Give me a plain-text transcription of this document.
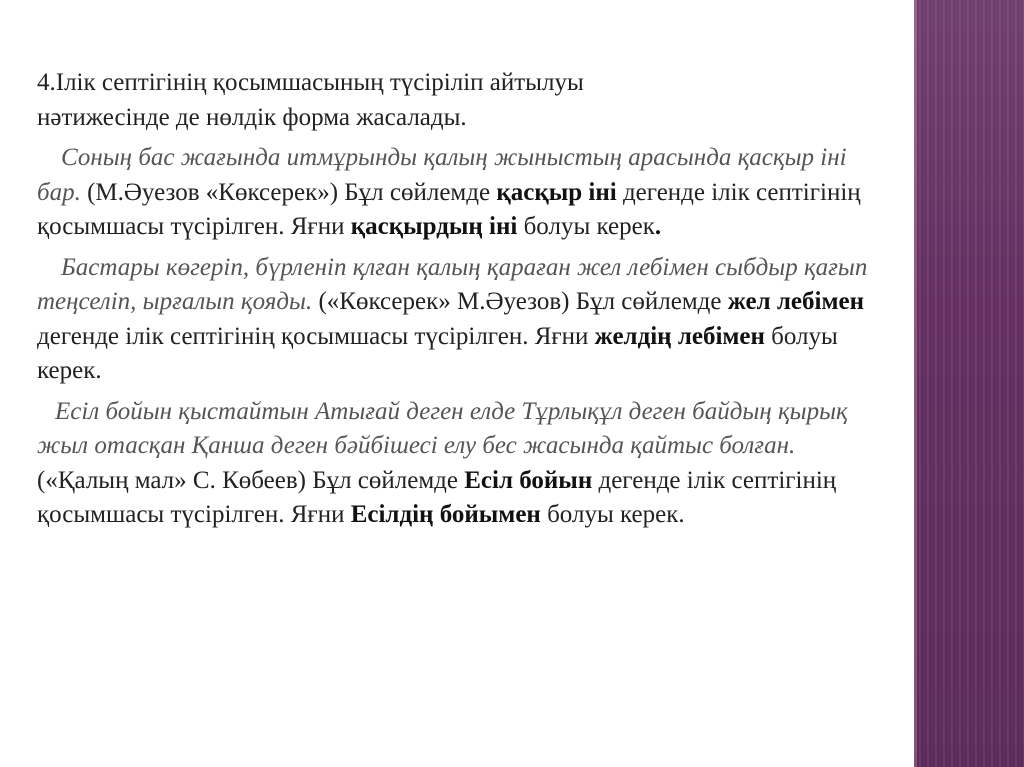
4.Ілік септігінің қосымшасының түсіріліп айтылуы
нәтижесінде де нөлдік форма жасалады.

Соның бас жағында итмұрынды қалың жыныстың арасында қасқыр іні бар. (М.Әуезов «Көксерек») Бұл сөйлемде қасқыр іні дегенде ілік септігінің қосымшасы түсірілген. Яғни қасқырдың іні болуы керек.

Бастары көгеріп, бүрленіп қлған қалың қараған жел лебімен сыбдыр қағып теңселіп, ырғалып қояды. («Көксерек» М.Әуезов) Бұл сөйлемде жел лебімен дегенде ілік септігінің қосымшасы түсірілген. Яғни желдің лебімен болуы керек.

Есіл бойын қыстайтын Атығай деген елде Тұрлықұл деген байдың қырық жыл отасқан Қанша деген бәйбішесі елу бес жасында қайтыс болған. («Қалың мал» С. Көбеев) Бұл сөйлемде Есіл бойын дегенде ілік септігінің қосымшасы түсірілген. Яғни Есілдің бойымен болуы керек.
